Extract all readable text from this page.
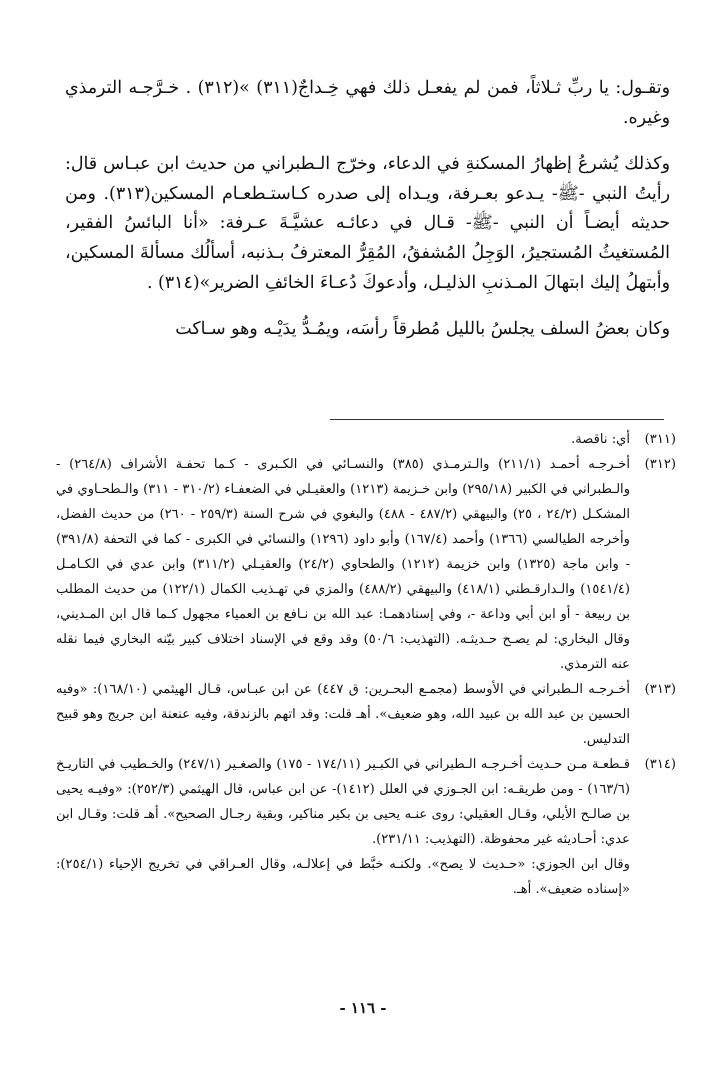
وتقـول: يا ربِّ ثـلاثاً، فمن لم يفعـل ذلك فهي خِـداجٌ(٣١١) »(٣١٢) . خـرَّجـه الترمذي وغيره.

وكذلك يُشرعُ إظهارُ المسكنةِ في الدعاء، وخرّج الـطبراني من حديث ابن عبـاس قال: رأيتُ النبي -ﷺ- يـدعو بعـرفة، ويـداه إلى صدره كـاستـطعـام المسكين(٣١٣). ومن حديثه أيضـاً أن النبي -ﷺ- قـال في دعائـه عشيَّـةَ عـرفة: «أنا البائسُ الفقير، المُستغيثُ المُستجيرُ، الوَجِلُ المُشفقُ، المُقِرُّ المعترفُ بـذنبه، أسألُك مسألةَ المسكين، وأبتهلُ إليك ابتهالَ المـذنبِ الذليـل، وأدعوكَ دُعـاءَ الخائفِ الضرير»(٣١٤) .

وكان بعضُ السلف يجلسُ بالليل مُطرقاً رأسَه، ويمُـدُّ يدَيْـه وهو سـاكت

(٣١١)

أي: ناقصة.

(٣١٢)

أخـرجـه أحمـد (٢١١/١) والـترمـذي (٣٨٥) والنسـائي في الكـبرى - كـما تحفـة الأشراف (٢٦٤/٨) - والـطبراني في الكبير (٢٩٥/١٨) وابن خـزيمة (١٢١٣) والعقيـلي في الضعفـاء (٣١٠/٢ - ٣١١) والـطحـاوي في المشكـل (٢٤/٢ ، ٢٥) والبيهقي (٤٨٧/٢ - ٤٨٨) والبغوي في شرح السنة (٢٥٩/٣ - ٢٦٠) من حديث الفضل، وأخرجه الطيالسي (١٣٦٦) وأحمد (١٦٧/٤) وأبو داود (١٢٩٦) والنسائي في الكبرى - كما في التحفة (٣٩١/٨) - وابن ماجة (١٣٢٥) وابن خزيمة (١٢١٢) والطحاوي (٢٤/٢) والعقيـلي (٣١١/٢) وابن عدي في الكـامـل (١٥٤١/٤) والـدارقـطني (٤١٨/١) والبيهقي (٤٨٨/٢) والمزي في تهـذيب الكمال (١٢٢/١) من حديث المطلب بن ربيعة - أو ابن أبي وداعة -، وفي إسنادهمـا: عبد الله بن نـافع بن العمياء مجهول كـما قال ابن المـديني، وقال البخاري: لم يصـح حـديثـه. (التهذيب: ٥٠/٦) وقد وقع في الإسناد اختلاف كبير بيّنه البخاري فيما نقله عنه الترمذي.

(٣١٣)

أخـرجـه الـطبراني في الأوسط (مجمـع البحـرين: ق ٤٤٧) عن ابن عبـاس، قـال الهيثمي (١٦٨/١٠): «وفيه الحسين بن عبد الله بن عبيد الله، وهو ضعيف». أهـ قلت: وقد اتهم بالزندقة، وفيه عنعنة ابن جريج وهو قبيح التدليس.

(٣١٤)

قـطعـة مـن حـديث أخـرجـه الـطبراني في الكبـير (١٧٤/١١ - ١٧٥) والصغـير (٢٤٧/١) والخـطيب في التاريـخ (١٦٣/٦) - ومن طريقـه: ابن الجـوزي في العلل (١٤١٢)- عن ابن عباس، قال الهيثمي (٢٥٢/٣): «وفيـه يحيى بن صالـح الأيلي، وقـال العقيلي: روى عنـه يحيى بن بكير مناكير، وبقية رجـال الصحيح». أهـ قلت: وقـال ابن عدي: أحـاديثه غير محفوظة. (التهذيب: ٢٣١/١١).

وقال ابن الجوزي: «حـديث لا يصح». ولكنـه خبَّط في إعلالـه، وقال العـراقي في تخريج الإحياء (٢٥٤/١): «إسناده ضعيف». أهـ.

- ١١٦ -
